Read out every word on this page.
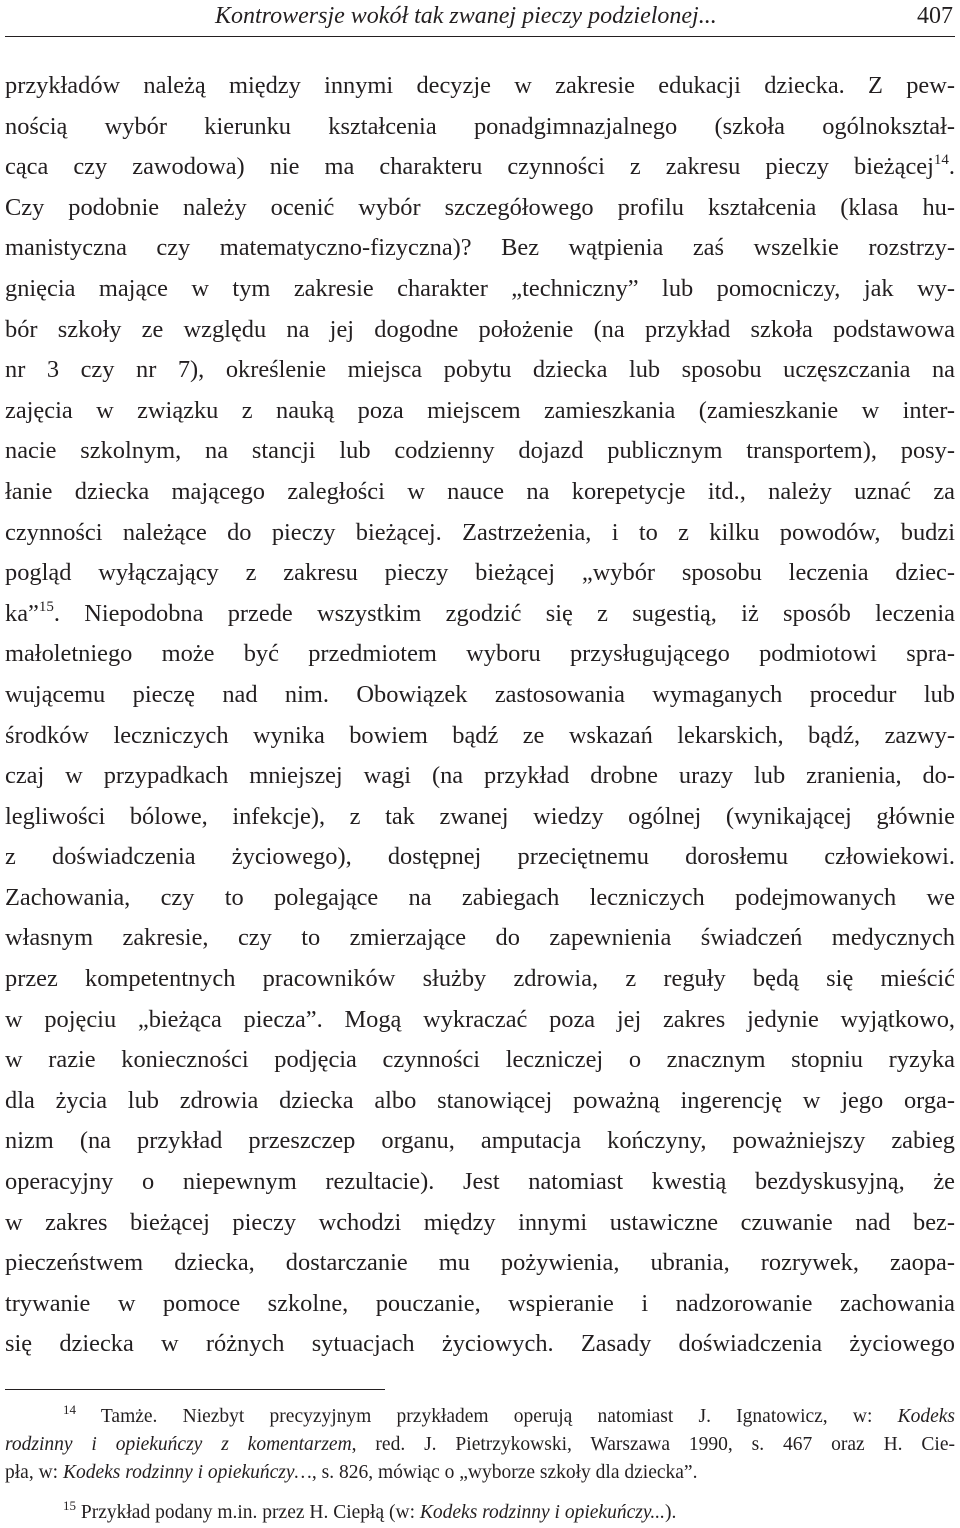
Kontrowersje wokół tak zwanej pieczy podzielonej...	407
przykładów należą między innymi decyzje w zakresie edukacji dziecka. Z pew-
nością wybór kierunku kształcenia ponadgimnazjalnego (szkoła ogólnokształ-
cąca czy zawodowa) nie ma charakteru czynności z zakresu pieczy bieżącej$^{14}$.
Czy podobnie należy ocenić wybór szczegółowego profilu kształcenia (klasa hu-
manistyczna czy matematyczno-fizyczna)? Bez wątpienia zaś wszelkie rozstrzy-
gnięcia mające w tym zakresie charakter „techniczny” lub pomocniczy, jak wy-
bór szkoły ze względu na jej dogodne położenie (na przykład szkoła podstawowa
nr 3 czy nr 7), określenie miejsca pobytu dziecka lub sposobu uczęszczania na
zajęcia w związku z nauką poza miejscem zamieszkania (zamieszkanie w inter-
nacie szkolnym, na stancji lub codzienny dojazd publicznym transportem), posy-
łanie dziecka mającego zaległości w nauce na korepetycje itd., należy uznać za
czynności należące do pieczy bieżącej. Zastrzeżenia, i to z kilku powodów, budzi
pogląd wyłączający z zakresu pieczy bieżącej „wybór sposobu leczenia dziec-
ka”$^{15}$. Niepodobna przede wszystkim zgodzić się z sugestią, iż sposób leczenia
małoletniego może być przedmiotem wyboru przysługującego podmiotowi spra-
wującemu pieczę nad nim. Obowiązek zastosowania wymaganych procedur lub
środków leczniczych wynika bowiem bądź ze wskazań lekarskich, bądź, zazwy-
czaj w przypadkach mniejszej wagi (na przykład drobne urazy lub zranienia, do-
legliwości bólowe, infekcje), z tak zwanej wiedzy ogólnej (wynikającej głównie
z doświadczenia życiowego), dostępnej przeciętnemu dorosłemu człowiekowi.
Zachowania, czy to polegające na zabiegach leczniczych podejmowanych we
własnym zakresie, czy to zmierzające do zapewnienia świadczeń medycznych
przez kompetentnych pracowników służby zdrowia, z reguły będą się mieścić
w pojęciu „bieżąca piecza”. Mogą wykraczać poza jej zakres jedynie wyjątkowo,
w razie konieczności podjęcia czynności leczniczej o znacznym stopniu ryzyka
dla życia lub zdrowia dziecka albo stanowiącej poważną ingerencję w jego orga-
nizm (na przykład przeszczep organu, amputacja kończyny, poważniejszy zabieg
operacyjny o niepewnym rezultacie). Jest natomiast kwestią bezdyskusyjną, że
w zakres bieżącej pieczy wchodzi między innymi ustawiczne czuwanie nad bez-
pieczeństwem dziecka, dostarczanie mu pożywienia, ubrania, rozrywek, zaopa-
trywanie w pomoce szkolne, pouczanie, wspieranie i nadzorowanie zachowania
się dziecka w różnych sytuacjach życiowych. Zasady doświadczenia życiowego
$^{14}$ Tamże. Niezbyt precyzyjnym przykładem operują natomiast J. Ignatowicz, w: Kodeks
rodzinny i opiekuńczy z komentarzem, red. J. Pietrzykowski, Warszawa 1990, s. 467 oraz H. Cie-
pła, w: Kodeks rodzinny i opiekuńczy…, s. 826, mówiąc o „wyborze szkoły dla dziecka”.
$^{15}$ Przykład podany m.in. przez H. Ciepłą (w: Kodeks rodzinny i opiekuńczy...).
